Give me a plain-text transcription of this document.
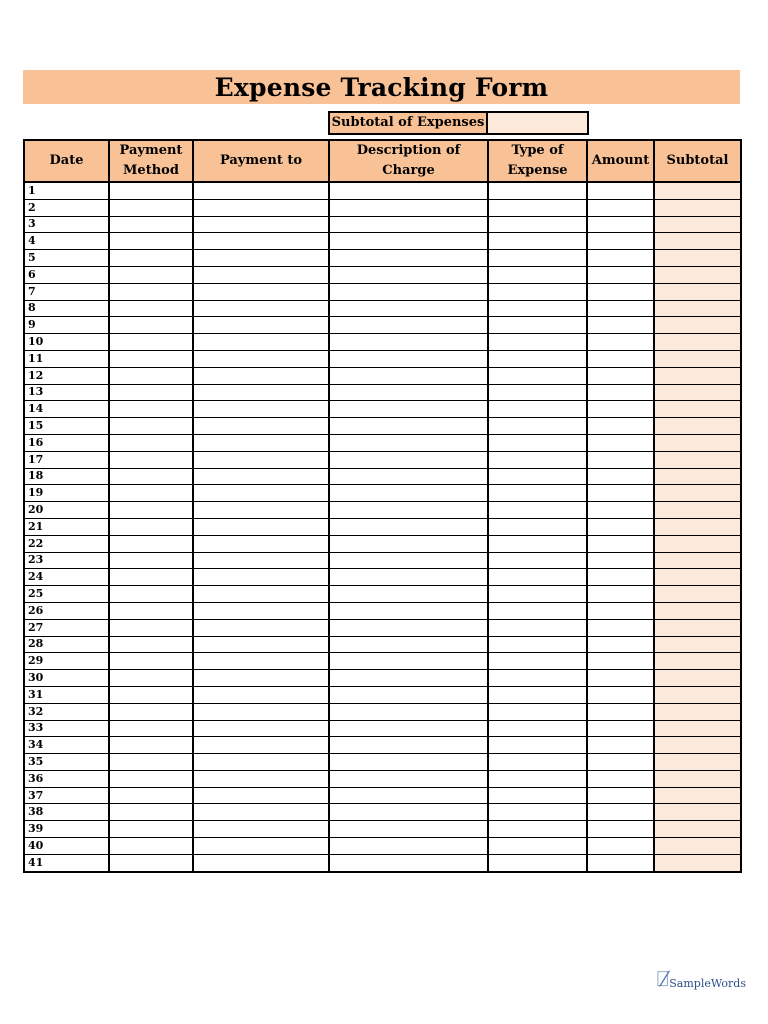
Expense Tracking Form
Subtotal of Expenses
Date	Payment Method	Payment to	Description of Charge	Type of Expense	Amount	Subtotal
1						
2						
3						
4						
5						
6						
7						
8						
9						
10						
11						
12						
13						
14						
15						
16						
17						
18						
19						
20						
21						
22						
23						
24						
25						
26						
27						
28						
29						
30						
31						
32						
33						
34						
35						
36						
37						
38						
39						
40						
41						
SampleWords
